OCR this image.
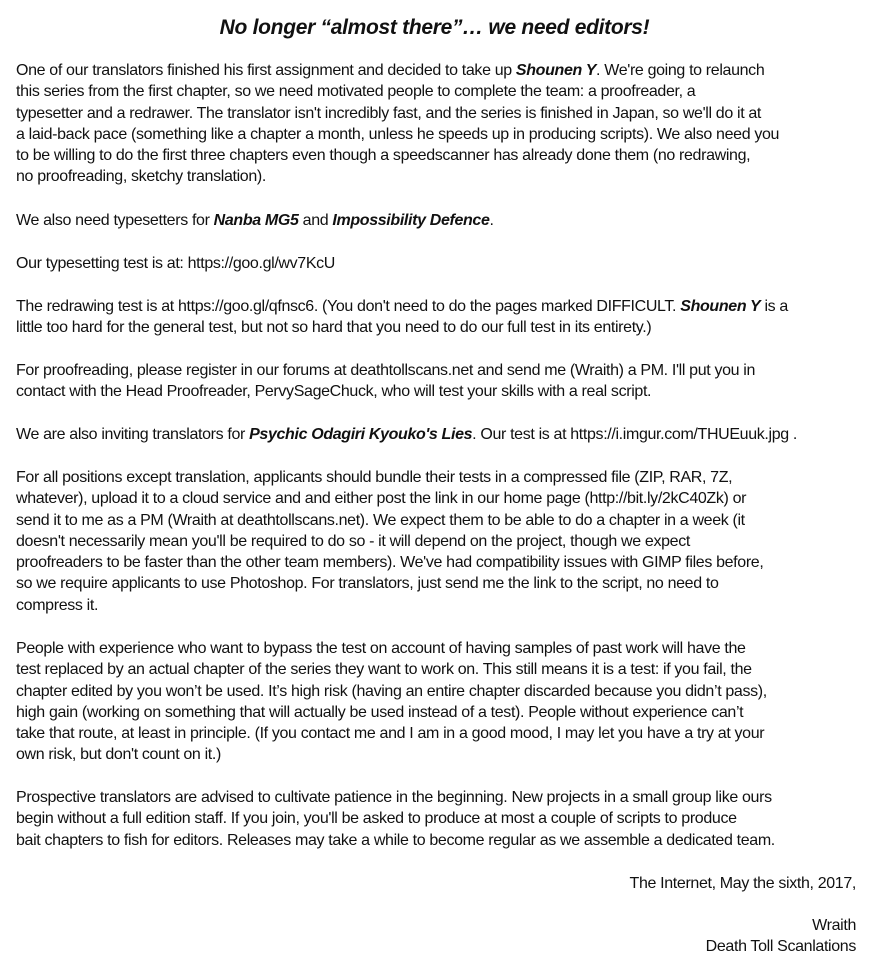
No longer “almost there”… we need editors!
One of our translators finished his first assignment and decided to take up Shounen Y. We're going to relaunch
this series from the first chapter, so we need motivated people to complete the team: a proofreader, a
typesetter and a redrawer. The translator isn't incredibly fast, and the series is finished in Japan, so we'll do it at
a laid-back pace (something like a chapter a month, unless he speeds up in producing scripts). We also need you
to be willing to do the first three chapters even though a speedscanner has already done them (no redrawing,
no proofreading, sketchy translation).
We also need typesetters for Nanba MG5 and Impossibility Defence.
Our typesetting test is at: https://goo.gl/wv7KcU
The redrawing test is at https://goo.gl/qfnsc6. (You don't need to do the pages marked DIFFICULT. Shounen Y is a
little too hard for the general test, but not so hard that you need to do our full test in its entirety.)
For proofreading, please register in our forums at deathtollscans.net and send me (Wraith) a PM. I'll put you in
contact with the Head Proofreader, PervySageChuck, who will test your skills with a real script.
We are also inviting translators for Psychic Odagiri Kyouko's Lies. Our test is at https://i.imgur.com/THUEuuk.jpg .
For all positions except translation, applicants should bundle their tests in a compressed file (ZIP, RAR, 7Z,
whatever), upload it to a cloud service and and either post the link in our home page (http://bit.ly/2kC40Zk) or
send it to me as a PM (Wraith at deathtollscans.net). We expect them to be able to do a chapter in a week (it
doesn't necessarily mean you'll be required to do so - it will depend on the project, though we expect
proofreaders to be faster than the other team members). We've had compatibility issues with GIMP files before,
so we require applicants to use Photoshop. For translators, just send me the link to the script, no need to
compress it.
People with experience who want to bypass the test on account of having samples of past work will have the
test replaced by an actual chapter of the series they want to work on. This still means it is a test: if you fail, the
chapter edited by you won’t be used. It’s high risk (having an entire chapter discarded because you didn’t pass),
high gain (working on something that will actually be used instead of a test). People without experience can’t
take that route, at least in principle. (If you contact me and I am in a good mood, I may let you have a try at your
own risk, but don't count on it.)
Prospective translators are advised to cultivate patience in the beginning. New projects in a small group like ours
begin without a full edition staff. If you join, you'll be asked to produce at most a couple of scripts to produce
bait chapters to fish for editors. Releases may take a while to become regular as we assemble a dedicated team.
The Internet, May the sixth, 2017,
Wraith
Death Toll Scanlations
